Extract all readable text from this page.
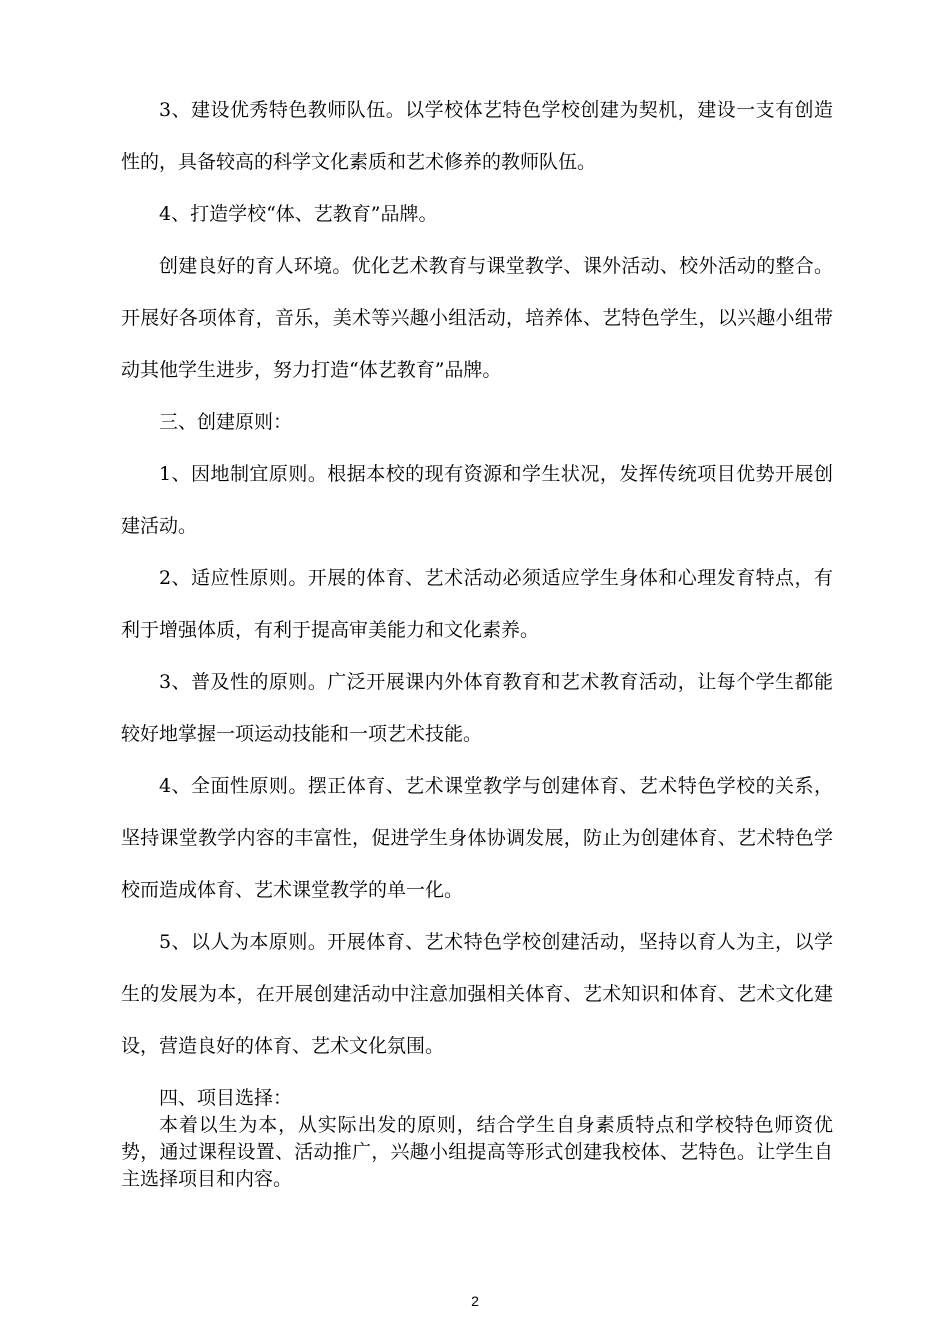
3、建设优秀特色教师队伍。以学校体艺特色学校创建为契机，建设一支有创造性的，具备较高的科学文化素质和艺术修养的教师队伍。

4、打造学校“体、艺教育”品牌。

创建良好的育人环境。优化艺术教育与课堂教学、课外活动、校外活动的整合。开展好各项体育，音乐，美术等兴趣小组活动，培养体、艺特色学生，以兴趣小组带动其他学生进步，努力打造“体艺教育”品牌。

三、创建原则：

1、因地制宜原则。根据本校的现有资源和学生状况，发挥传统项目优势开展创建活动。

2、适应性原则。开展的体育、艺术活动必须适应学生身体和心理发育特点，有利于增强体质，有利于提高审美能力和文化素养。

3、普及性的原则。广泛开展课内外体育教育和艺术教育活动，让每个学生都能较好地掌握一项运动技能和一项艺术技能。

4、全面性原则。摆正体育、艺术课堂教学与创建体育、艺术特色学校的关系，坚持课堂教学内容的丰富性，促进学生身体协调发展，防止为创建体育、艺术特色学校而造成体育、艺术课堂教学的单一化。

5、以人为本原则。开展体育、艺术特色学校创建活动，坚持以育人为主，以学生的发展为本，在开展创建活动中注意加强相关体育、艺术知识和体育、艺术文化建设，营造良好的体育、艺术文化氛围。

四、项目选择：

本着以生为本，从实际出发的原则，结合学生自身素质特点和学校特色师资优势，通过课程设置、活动推广，兴趣小组提高等形式创建我校体、艺特色。让学生自主选择项目和内容。

2
